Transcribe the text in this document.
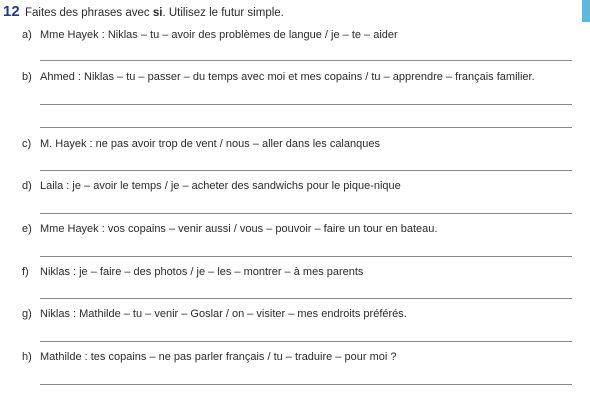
12 Faites des phrases avec si. Utilisez le futur simple.
a) Mme Hayek : Niklas – tu – avoir des problèmes de langue / je – te – aider
b) Ahmed : Niklas – tu – passer – du temps avec moi et mes copains / tu – apprendre – français familier.
c) M. Hayek : ne pas avoir trop de vent / nous – aller dans les calanques
d) Laila : je – avoir le temps / je – acheter des sandwichs pour le pique-nique
e) Mme Hayek : vos copains – venir aussi / vous – pouvoir – faire un tour en bateau.
f) Niklas : je – faire – des photos / je – les – montrer – à mes parents
g) Niklas : Mathilde – tu – venir – Goslar / on – visiter – mes endroits préférés.
h) Mathilde : tes copains – ne pas parler français / tu – traduire – pour moi ?
